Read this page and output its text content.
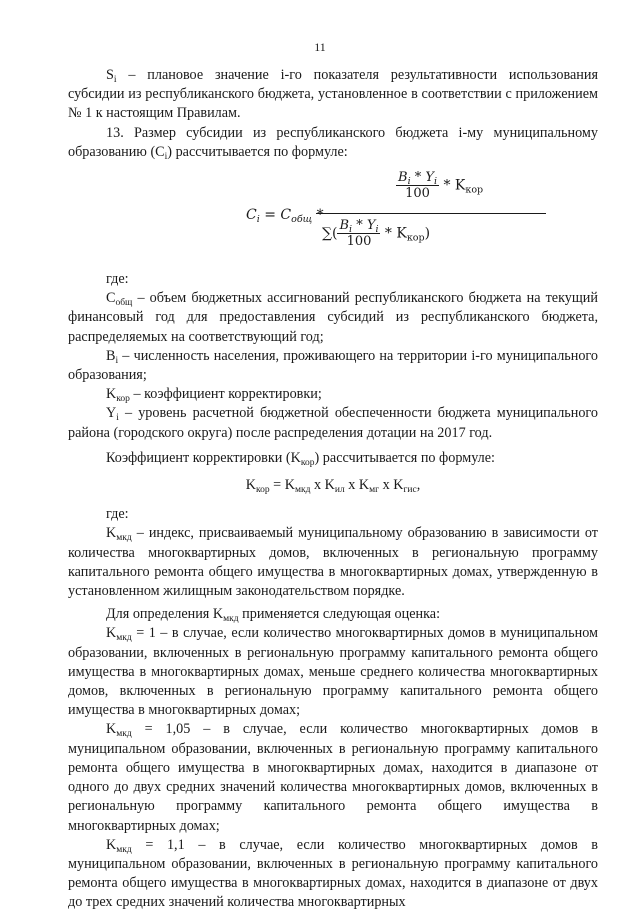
11

$S_i$ – плановое значение i-го показателя результативности использования субсидии из республиканского бюджета, установленное в соответствии с приложением № 1 к настоящим Правилам.

13. Размер субсидии из республиканского бюджета i-му муниципальному образованию $(C_i)$ рассчитывается по формуле:

$C_i = C_{общ}$ *
$\frac{B_i * Y_i}{100} * K_{кор}$
∑( $\frac{B_i * Y_i}{100} * K_{кор}$)

где:

$C_{общ}$ – объем бюджетных ассигнований республиканского бюджета на текущий финансовый год для предоставления субсидий из республиканского бюджета, распределяемых на соответствующий год;

$B_i$ – численность населения, проживающего на территории i-го муниципального образования;

$K_{кор}$ – коэффициент корректировки;

$Y_i$ – уровень расчетной бюджетной обеспеченности бюджета муниципального района (городского округа) после распределения дотации на 2017 год.

Коэффициент корректировки $(K_{кор})$ рассчитывается по формуле:

$K_{кор} = K_{мкд}$ x $K_{ил}$ x $K_{мг}$ x $K_{гис}$,

где:

$K_{мкд}$ – индекс, присваиваемый муниципальному образованию в зависимости от количества многоквартирных домов, включенных в региональную программу капитального ремонта общего имущества в многоквартирных домах, утвержденную в установленном жилищным законодательством порядке.

Для определения $K_{мкд}$ применяется следующая оценка:

$K_{мкд} = 1 - в$ случае, если количество многоквартирных домов в муниципальном образовании, включенных в региональную программу капитального ремонта общего имущества в многоквартирных домах, меньше среднего количества многоквартирных домов, включенных в региональную программу капитального ремонта общего имущества в многоквартирных домах;

$K_{мкд} = 1,05 - в$ случае, если количество многоквартирных домов в муниципальном образовании, включенных в региональную программу капитального ремонта общего имущества в многоквартирных домах, находится в диапазоне от одного до двух средних значений количества многоквартирных домов, включенных в региональную программу капитального ремонта общего имущества в многоквартирных домах;

$K_{мкд} = 1,1 - в$ случае, если количество многоквартирных домов в муниципальном образовании, включенных в региональную программу капитального ремонта общего имущества в многоквартирных домах, находится в диапазоне от двух до трех средних значений количества многоквартирных
